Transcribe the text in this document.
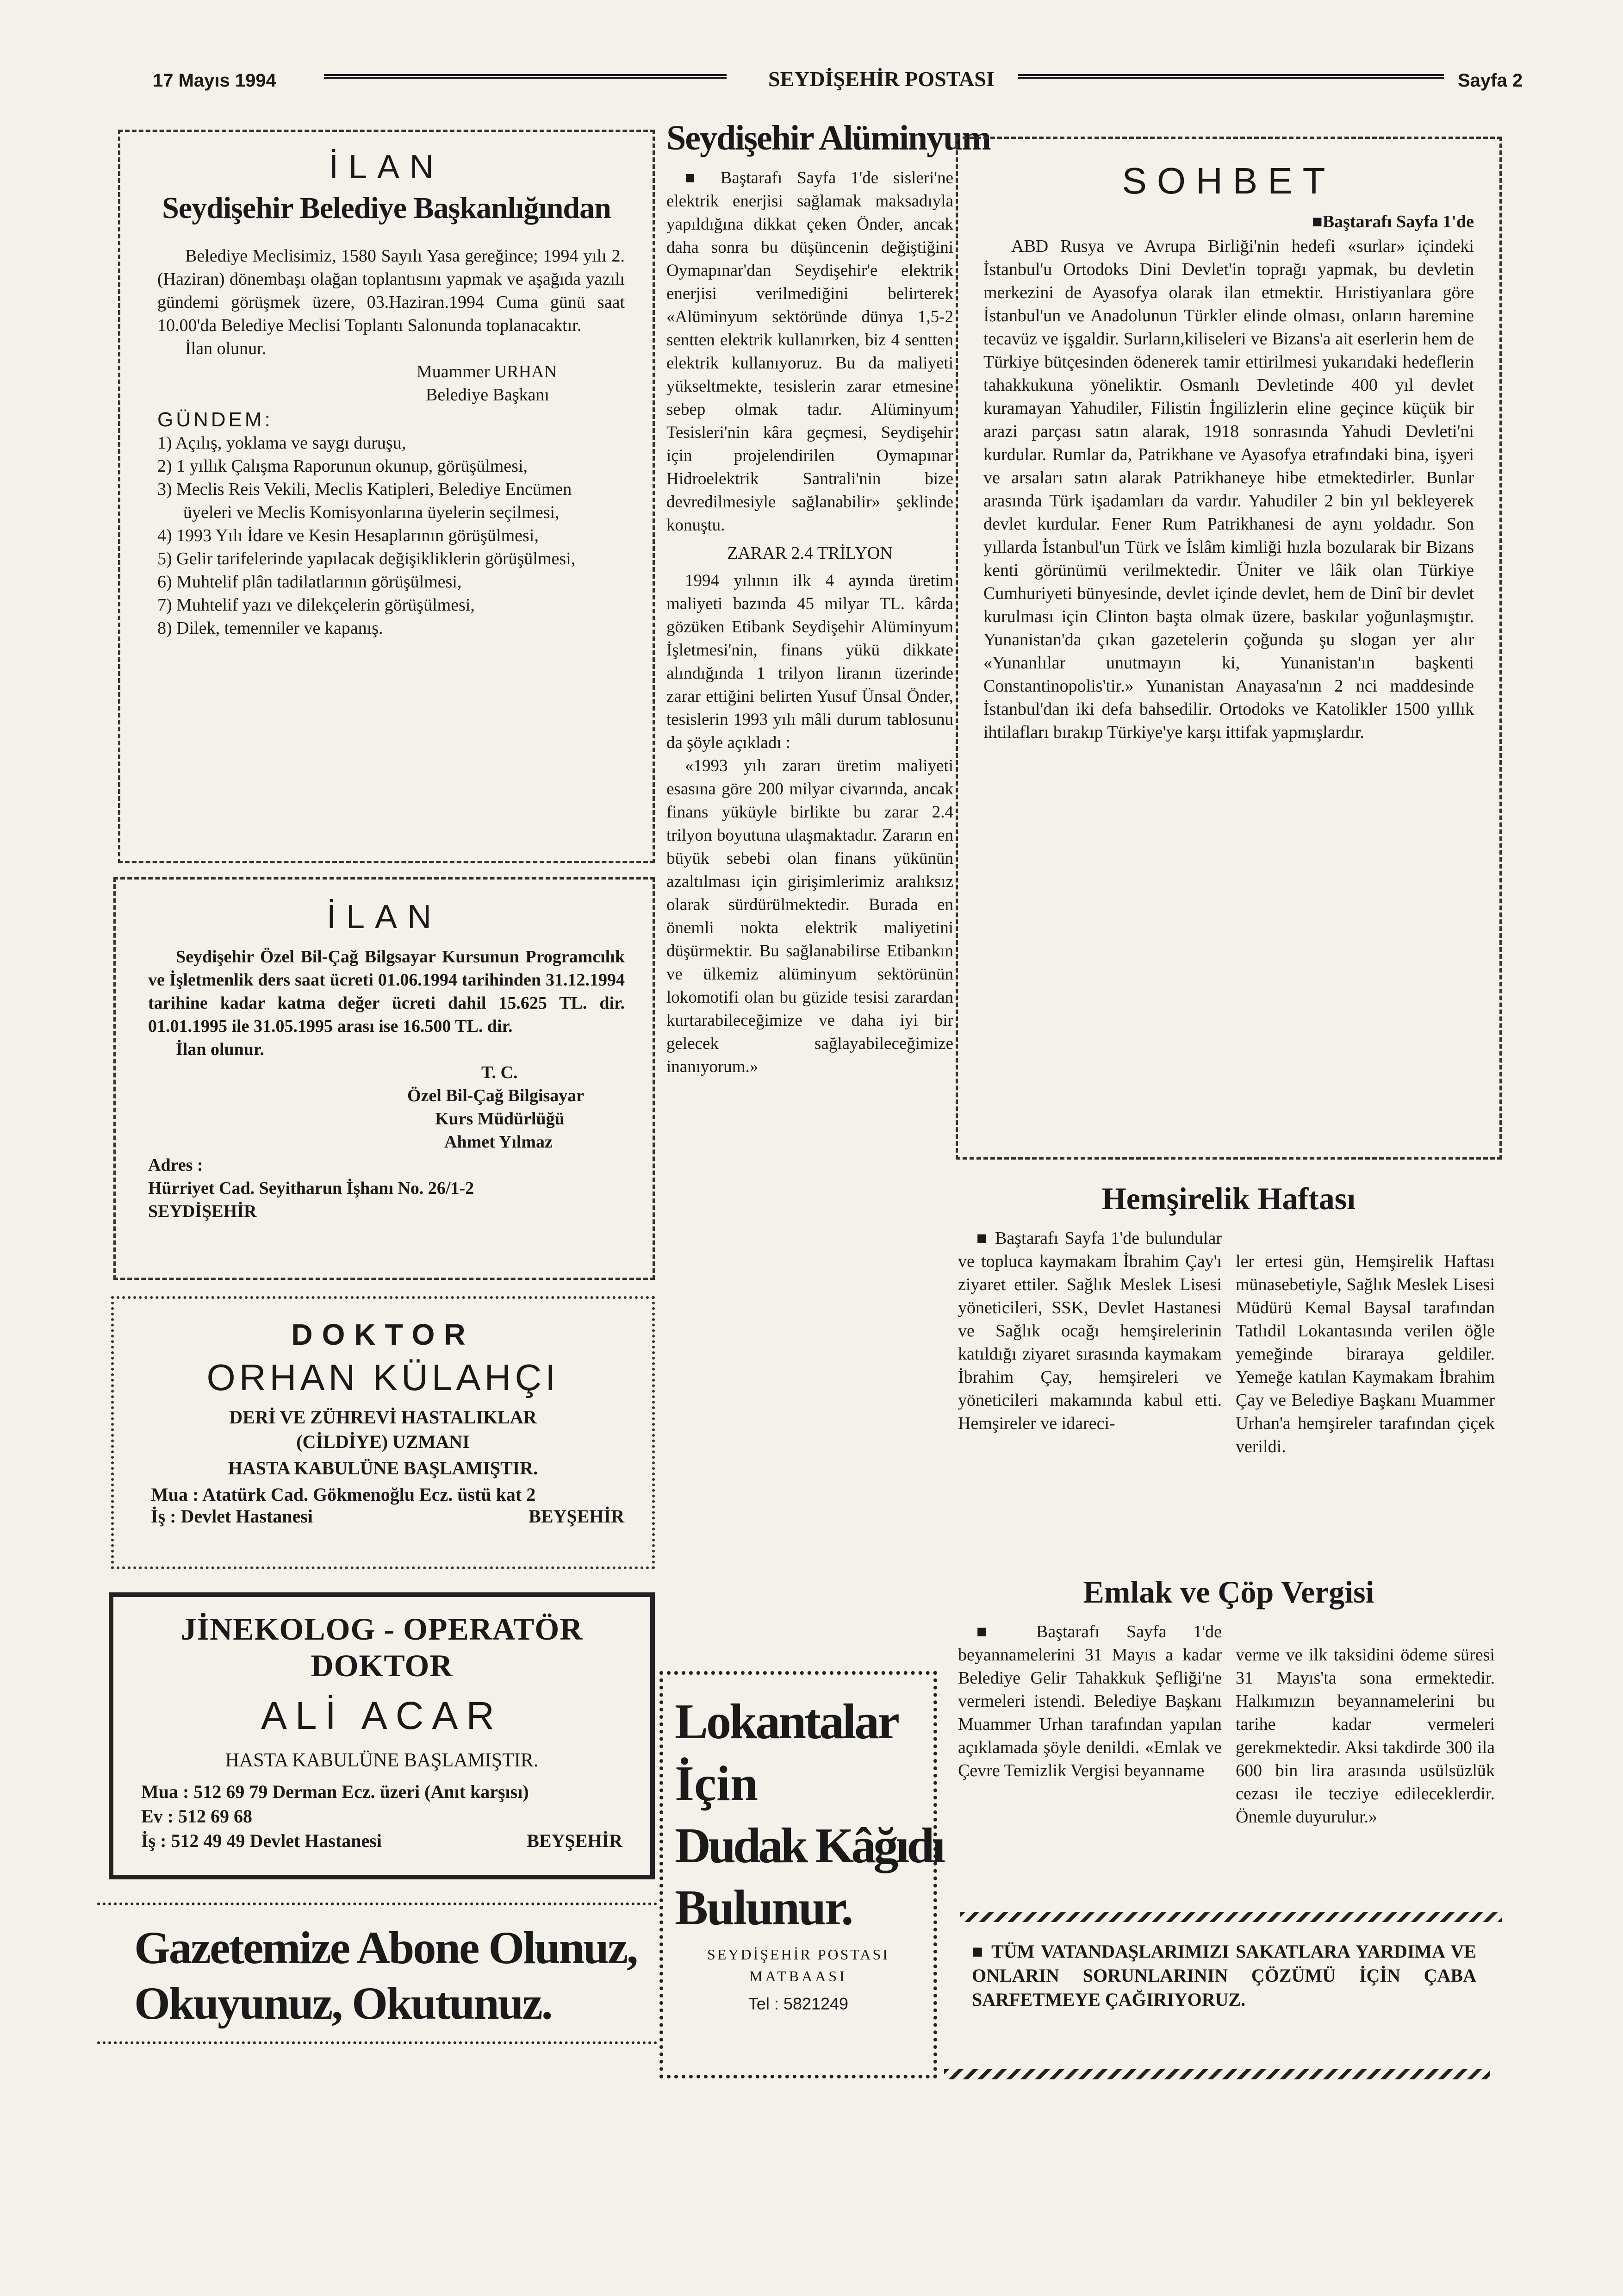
17 Mayıs 1994	SEYDİŞEHİR POSTASI	Sayfa 2
İLAN
Seydişehir Belediye Başkanlığından

Belediye Meclisimiz, 1580 Sayılı Yasa gereğince; 1994 yılı 2. (Haziran) dönembaşı olağan toplantısını yapmak ve aşağıda yazılı gündemi görüşmek üzere, 03.Haziran.1994 Cuma günü saat 10.00'da Belediye Meclisi Toplantı Salonunda toplanacaktır.

İlan olunur.

Muammer URHAN

Belediye Başkanı

GÜNDEM:

1) Açılış, yoklama ve saygı duruşu,

2) 1 yıllık Çalışma Raporunun okunup, görüşülmesi,

3) Meclis Reis Vekili, Meclis Katipleri, Belediye Encümen üyeleri ve Meclis Komisyonlarına üyelerin seçilmesi,

4) 1993 Yılı İdare ve Kesin Hesaplarının görüşülmesi,

5) Gelir tarifelerinde yapılacak değişikliklerin görüşülmesi,

6) Muhtelif plân tadilatlarının görüşülmesi,

7) Muhtelif yazı ve dilekçelerin görüşülmesi,

8) Dilek, temenniler ve kapanış.

İLAN

Seydişehir Özel Bil-Çağ Bilgsayar Kursunun Programcılık ve İşletmenlik ders saat ücreti 01.06.1994 tarihinden 31.12.1994 tarihine kadar katma değer ücreti dahil 15.625 TL. dir. 01.01.1995 ile 31.05.1995 arası ise 16.500 TL. dir.

İlan olunur.

T. C.

Özel Bil-Çağ Bilgisayar

Kurs Müdürlüğü

Ahmet Yılmaz

Adres :

Hürriyet Cad. Seyitharun İşhanı No. 26/1-2

SEYDİŞEHİR

DOKTOR
ORHAN KÜLAHÇI
DERİ VE ZÜHREVİ HASTALIKLAR
(CİLDİYE) UZMANI
HASTA KABULÜNE BAŞLAMIŞTIR.
Mua : Atatürk Cad. Gökmenoğlu Ecz. üstü kat 2
İş : Devlet Hastanesi	BEYŞEHİR
JİNEKOLOG - OPERATÖR DOKTOR
ALİ ACAR
HASTA KABULÜNE BAŞLAMIŞTIR.
Mua : 512 69 79 Derman Ecz. üzeri (Anıt karşısı)
Ev : 512 69 68
İş : 512 49 49 Devlet Hastanesi	BEYŞEHİR
Gazetemize Abone Olunuz,
Okuyunuz, Okutunuz.
Seydişehir Alüminyum

■ Baştarafı Sayfa 1'de sisleri'ne elektrik enerjisi sağlamak maksadıyla yapıldığına dikkat çeken Önder, ancak daha sonra bu düşüncenin değiştiğini Oymapınar'dan Seydişehir'e elektrik enerjisi verilmediğini belirterek «Alüminyum sektöründe dünya 1,5-2 sentten elektrik kullanırken, biz 4 sentten elektrik kullanıyoruz. Bu da maliyeti yükseltmekte, tesislerin zarar etmesine sebep olmak tadır. Alüminyum Tesisleri'nin kâra geçmesi, Seydişehir için projelendirilen Oymapınar Hidroelektrik Santrali'nin bize devredilmesiyle sağlanabilir» şeklinde konuştu.

ZARAR 2.4 TRİLYON

1994 yılının ilk 4 ayında üretim maliyeti bazında 45 milyar TL. kârda gözüken Etibank Seydişehir Alüminyum İşletmesi'nin, finans yükü dikkate alındığında 1 trilyon liranın üzerinde zarar ettiğini belirten Yusuf Ünsal Önder, tesislerin 1993 yılı mâli durum tablosunu da şöyle açıkladı :

«1993 yılı zararı üretim maliyeti esasına göre 200 milyar civarında, ancak finans yüküyle birlikte bu zarar 2.4 trilyon boyutuna ulaşmaktadır. Zararın en büyük sebebi olan finans yükünün azaltılması için girişimlerimiz aralıksız olarak sürdürülmektedir. Burada en önemli nokta elektrik maliyetini düşürmektir. Bu sağlanabilirse Etibankın ve ülkemiz alüminyum sektörünün lokomotifi olan bu güzide tesisi zarardan kurtarabileceğimize ve daha iyi bir gelecek sağlayabileceğimize inanıyorum.»

Lokantalar
İçin
Dudak Kâğıdı
Bulunur.
SEYDİŞEHİR POSTASI
MATBAASI
Tel : 5821249
SOHBET
■Baştarafı Sayfa 1'de

ABD Rusya ve Avrupa Birliği'nin hedefi «surlar» içindeki İstanbul'u Ortodoks Dini Devlet'in toprağı yapmak, bu devletin merkezini de Ayasofya olarak ilan etmektir. Hıristiyanlara göre İstanbul'un ve Anadolunun Türkler elinde olması, onların haremine tecavüz ve işgaldir. Surların,kiliseleri ve Bizans'a ait eserlerin hem de Türkiye bütçesinden ödenerek tamir ettirilmesi yukarıdaki hedeflerin tahakkukuna yöneliktir. Osmanlı Devletinde 400 yıl devlet kuramayan Yahudiler, Filistin İngilizlerin eline geçince küçük bir arazi parçası satın alarak, 1918 sonrasında Yahudi Devleti'ni kurdular. Rumlar da, Patrikhane ve Ayasofya etrafındaki bina, işyeri ve arsaları satın alarak Patrikhaneye hibe etmektedirler. Bunlar arasında Türk işadamları da vardır. Yahudiler 2 bin yıl bekleyerek devlet kurdular. Fener Rum Patrikhanesi de aynı yoldadır. Son yıllarda İstanbul'un Türk ve İslâm kimliği hızla bozularak bir Bizans kenti görünümü verilmektedir. Üniter ve lâik olan Türkiye Cumhuriyeti bünyesinde, devlet içinde devlet, hem de Dinî bir devlet kurulması için Clinton başta olmak üzere, baskılar yoğunlaşmıştır. Yunanistan'da çıkan gazetelerin çoğunda şu slogan yer alır «Yunanlılar unutmayın ki, Yunanistan'ın başkenti Constantinopolis'tir.» Yunanistan Anayasa'nın 2 nci maddesinde İstanbul'dan iki defa bahsedilir. Ortodoks ve Katolikler 1500 yıllık ihtilafları bırakıp Türkiye'ye karşı ittifak yapmışlardır.

Hemşirelik Haftası

■ Baştarafı Sayfa 1'de bulundular ve topluca kaymakam İbrahim Çay'ı ziyaret ettiler. Sağlık Meslek Lisesi yöneticileri, SSK, Devlet Hastanesi ve Sağlık ocağı hemşirelerinin katıldığı ziyaret sırasında kaymakam İbrahim Çay, hemşireleri ve yöneticileri makamında kabul etti. Hemşireler ve idareci-

ler ertesi gün, Hemşirelik Haftası münasebetiyle, Sağlık Meslek Lisesi Müdürü Kemal Baysal tarafından Tatlıdil Lokantasında verilen öğle yemeğinde biraraya geldiler. Yemeğe katılan Kaymakam İbrahim Çay ve Belediye Başkanı Muammer Urhan'a hemşireler tarafından çiçek verildi.

Emlak ve Çöp Vergisi

■ Baştarafı Sayfa 1'de beyannamelerini 31 Mayıs a kadar Belediye Gelir Tahakkuk Şefliği'ne vermeleri istendi. Belediye Başkanı Muammer Urhan tarafından yapılan açıklamada şöyle denildi. «Emlak ve Çevre Temizlik Vergisi beyanname

verme ve ilk taksidini ödeme süresi 31 Mayıs'ta sona ermektedir. Halkımızın beyannamelerini bu tarihe kadar vermeleri gerekmektedir. Aksi takdirde 300 ila 600 bin lira arasında usülsüzlük cezası ile tecziye edileceklerdir. Önemle duyurulur.»

■ TÜM VATANDAŞLARIMIZI SAKATLARA YARDIMA VE ONLARIN SORUNLARININ ÇÖZÜMÜ İÇİN ÇABA SARFETMEYE ÇAĞIRIYORUZ.
